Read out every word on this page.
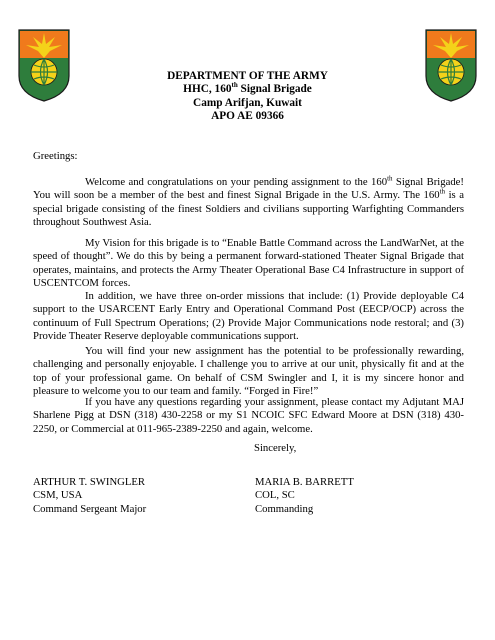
DEPARTMENT OF THE ARMY
HHC, 160th Signal Brigade
Camp Arifjan, Kuwait
APO AE 09366
Greetings:

Welcome and congratulations on your pending assignment to the 160th Signal Brigade! You will soon be a member of the best and finest Signal Brigade in the U.S. Army. The 160th is a special brigade consisting of the finest Soldiers and civilians supporting Warfighting Commanders throughout Southwest Asia.

My Vision for this brigade is to “Enable Battle Command across the LandWarNet, at the speed of thought”. We do this by being a permanent forward-stationed Theater Signal Brigade that operates, maintains, and protects the Army Theater Operational Base C4 Infrastructure in support of USCENTCOM forces.

In addition, we have three on-order missions that include: (1) Provide deployable C4 support to the USARCENT Early Entry and Operational Command Post (EECP/OCP) across the continuum of Full Spectrum Operations; (2) Provide Major Communications node restoral; and (3) Provide Theater Reserve deployable communications support.

You will find your new assignment has the potential to be professionally rewarding, challenging and personally enjoyable. I challenge you to arrive at our unit, physically fit and at the top of your professional game. On behalf of CSM Swingler and I, it is my sincere honor and pleasure to welcome you to our team and family. “Forged in Fire!”

If you have any questions regarding your assignment, please contact my Adjutant MAJ Sharlene Pigg at DSN (318) 430-2258 or my S1 NCOIC SFC Edward Moore at DSN (318) 430-2250, or Commercial at 011-965-2389-2250 and again, welcome.

Sincerely,
ARTHUR T. SWINGLER
CSM, USA
Command Sergeant Major
MARIA B. BARRETT
COL, SC
Commanding
